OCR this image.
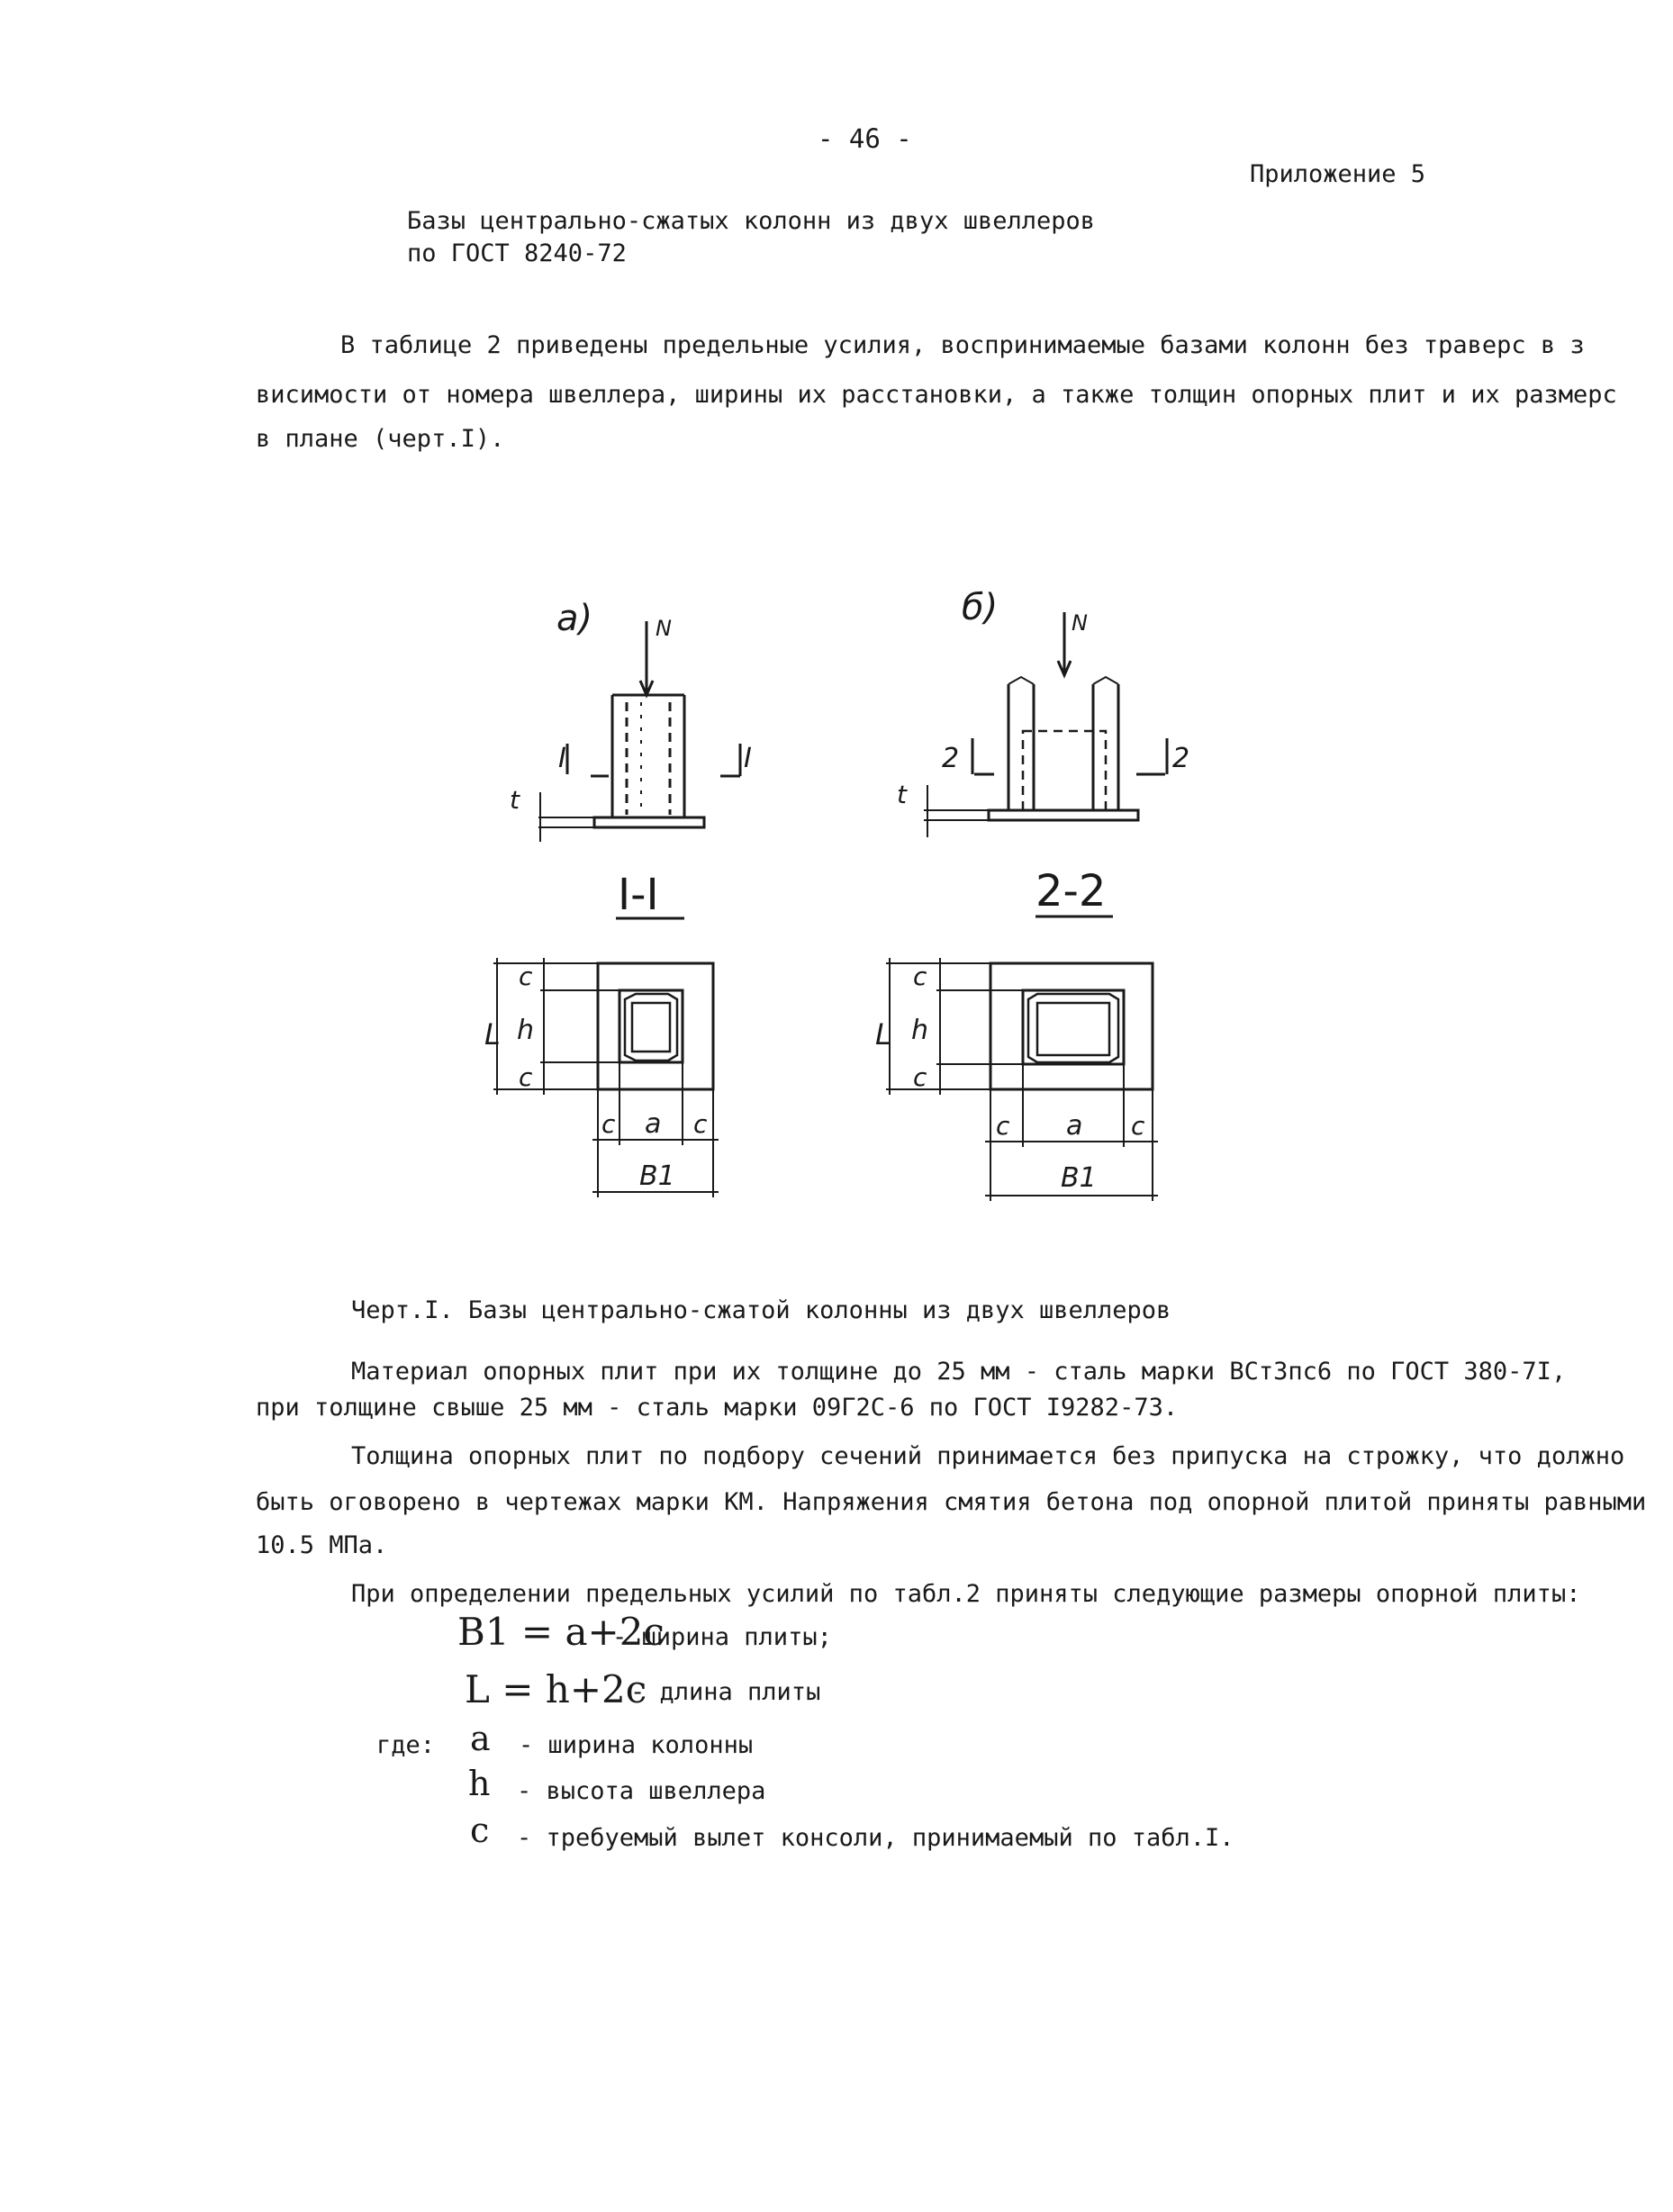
- 46 -
Приложение 5
Базы центрально-сжатых колонн из двух швеллеров
по ГОСТ 8240-72
В таблице 2 приведены предельные усилия, воспринимаемые базами колонн без траверс в з
висимости от номера швеллера, ширины их расстановки, а также толщин опорных плит и их размерс
в плане (черт.I).
а)	N
I	I
t
б)	N
2	2
t
I-I	2-2
L h
c
c
c a c
B1
L h
c
c
c a c
B1
Черт.I. Базы центрально-сжатой колонны из двух швеллеров
Материал опорных плит при их толщине до 25 мм - сталь марки ВСт3пс6 по ГОСТ 380-7I,
при толщине свыше 25 мм - сталь марки 09Г2С-6 по ГОСТ I9282-73.
Толщина опорных плит по подбору сечений принимается без припуска на строжку, что должно
быть оговорено в чертежах марки КМ. Напряжения смятия бетона под опорной плитой приняты равными
10.5 МПа.
При определении предельных усилий по табл.2 приняты следующие размеры опорной плиты:
B1 = a+2c
- ширина плиты;
L = h+2c
- длина плиты
где: a - ширина колонны
h - высота швеллера
c - требуемый вылет консоли, принимаемый по табл.I.
